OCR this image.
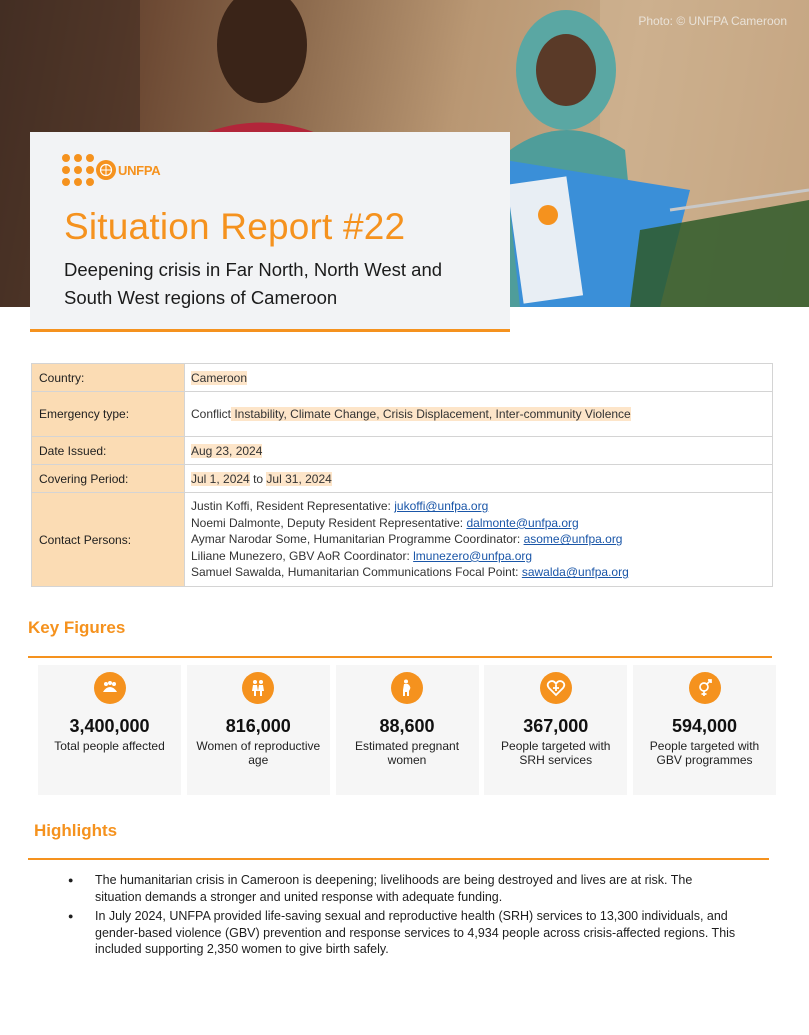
Photo: © UNFPA Cameroon
UNFPA
Situation Report #22
Deepening crisis in Far North, North West and South West regions of Cameroon
Country:	Cameroon
Emergency type:	Conflict Instability, Climate Change, Crisis Displacement, Inter-community Violence
Date Issued:	Aug 23, 2024
Covering Period:	Jul 1, 2024 to Jul 31, 2024
Contact Persons:	Justin Koffi, Resident Representative: jukoffi@unfpa.org
Noemi Dalmonte, Deputy Resident Representative: dalmonte@unfpa.org
Aymar Narodar Some, Humanitarian Programme Coordinator: asome@unfpa.org
Liliane Munezero, GBV AoR Coordinator: lmunezero@unfpa.org
Samuel Sawalda, Humanitarian Communications Focal Point: sawalda@unfpa.org
Key Figures
3,400,000
Total people affected
816,000
Women of reproductive age
88,600
Estimated pregnant women
367,000
People targeted with SRH services
594,000
People targeted with GBV programmes
Highlights
● The humanitarian crisis in Cameroon is deepening; livelihoods are being destroyed and lives are at risk. The situation demands a stronger and united response with adequate funding.
● In July 2024, UNFPA provided life-saving sexual and reproductive health (SRH) services to 13,300 individuals, and gender-based violence (GBV) prevention and response services to 4,934 people across crisis-affected regions. This included supporting 2,350 women to give birth safely.
